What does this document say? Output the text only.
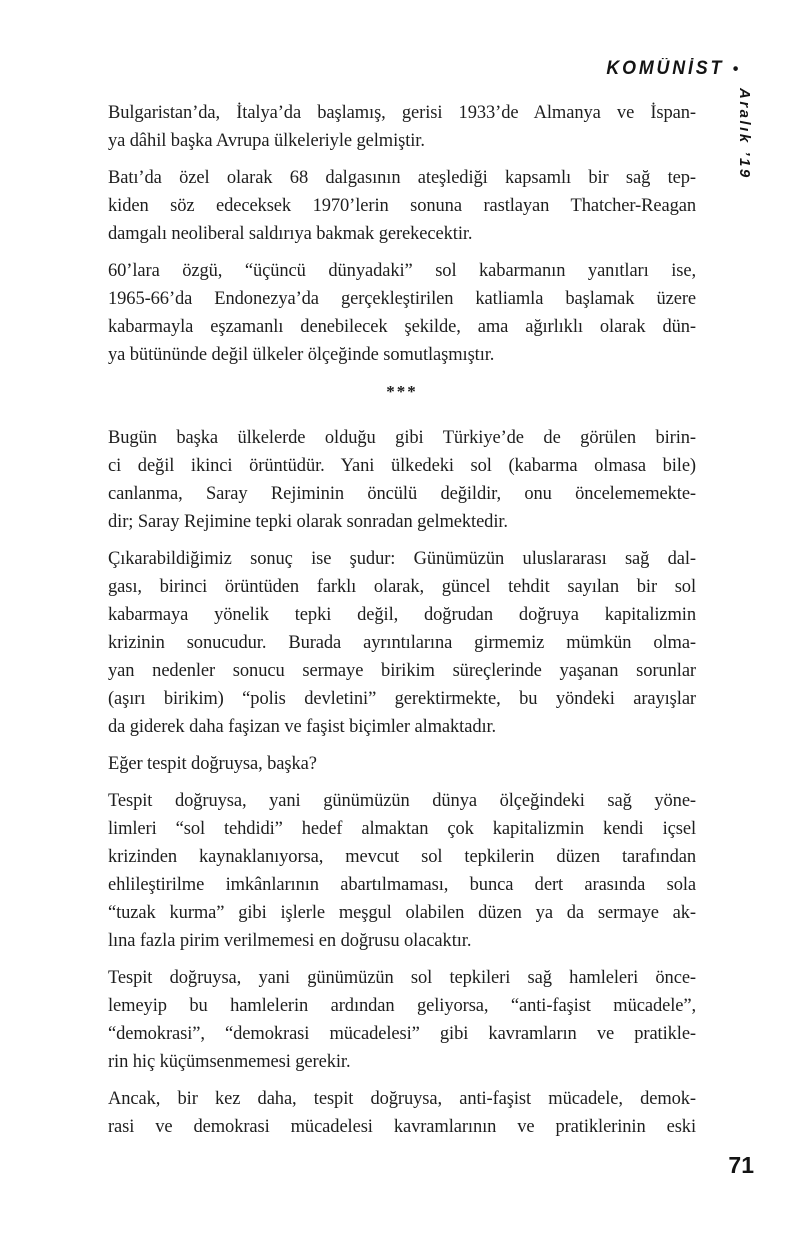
KOMÜNİST •
Aralık ’19
Bulgaristan’da, İtalya’da başlamış, gerisi 1933’de Almanya ve İspan-
ya dâhil başka Avrupa ülkeleriyle gelmiştir.
Batı’da özel olarak 68 dalgasının ateşlediği kapsamlı bir sağ tep-
kiden söz edeceksek 1970’lerin sonuna rastlayan Thatcher-Reagan
damgalı neoliberal saldırıya bakmak gerekecektir.
60’lara özgü, “üçüncü dünyadaki” sol kabarmanın yanıtları ise,
1965-66’da Endonezya’da gerçekleştirilen katliamla başlamak üzere
kabarmayla eşzamanlı denebilecek şekilde, ama ağırlıklı olarak dün-
ya bütününde değil ülkeler ölçeğinde somutlaşmıştır.
***
Bugün başka ülkelerde olduğu gibi Türkiye’de de görülen birin-
ci değil ikinci örüntüdür. Yani ülkedeki sol (kabarma olmasa bile)
canlanma, Saray Rejiminin öncülü değildir, onu öncelememekte-
dir; Saray Rejimine tepki olarak sonradan gelmektedir.
Çıkarabildiğimiz sonuç ise şudur: Günümüzün uluslararası sağ dal-
gası, birinci örüntüden farklı olarak, güncel tehdit sayılan bir sol
kabarmaya yönelik tepki değil, doğrudan doğruya kapitalizmin
krizinin sonucudur. Burada ayrıntılarına girmemiz mümkün olma-
yan nedenler sonucu sermaye birikim süreçlerinde yaşanan sorunlar
(aşırı birikim) “polis devletini” gerektirmekte, bu yöndeki arayışlar
da giderek daha faşizan ve faşist biçimler almaktadır.
Eğer tespit doğruysa, başka?
Tespit doğruysa, yani günümüzün dünya ölçeğindeki sağ yöne-
limleri “sol tehdidi” hedef almaktan çok kapitalizmin kendi içsel
krizinden kaynaklanıyorsa, mevcut sol tepkilerin düzen tarafından
ehlileştirilme imkânlarının abartılmaması, bunca dert arasında sola
“tuzak kurma” gibi işlerle meşgul olabilen düzen ya da sermaye ak-
lına fazla pirim verilmemesi en doğrusu olacaktır.
Tespit doğruysa, yani günümüzün sol tepkileri sağ hamleleri önce-
lemeyip bu hamlelerin ardından geliyorsa, “anti-faşist mücadele”,
“demokrasi”, “demokrasi mücadelesi” gibi kavramların ve pratikle-
rin hiç küçümsenmemesi gerekir.
Ancak, bir kez daha, tespit doğruysa, anti-faşist mücadele, demok-
rasi ve demokrasi mücadelesi kavramlarının ve pratiklerinin eski
71
